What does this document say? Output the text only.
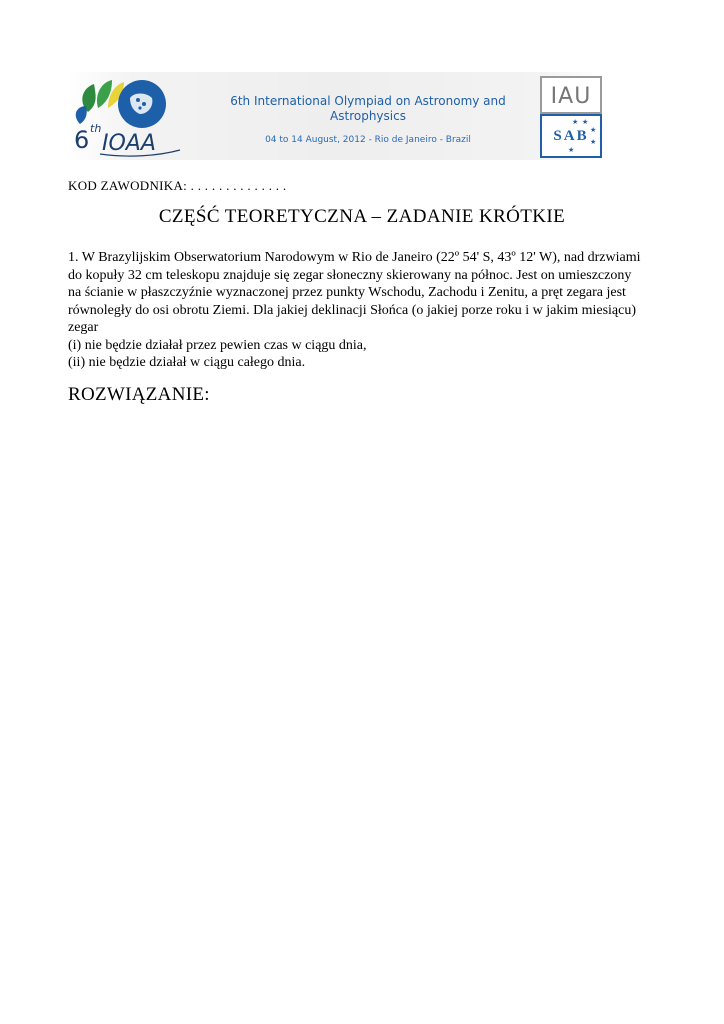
6 th
IOAA
6th International Olympiad on Astronomy and Astrophysics
04 to 14 August, 2012 - Rio de Janeiro - Brazil
IAU
★ ★
★
★
★
SAB
KOD ZAWODNIKA: . . . . . . . . . . . . . .
CZĘŚĆ TEORETYCZNA – ZADANIE KRÓTKIE

1. W Brazylijskim Obserwatorium Narodowym w Rio de Janeiro (22º 54' S, 43º 12' W), nad drzwiami do kopuły 32 cm teleskopu znajduje się zegar słoneczny skierowany na północ. Jest on umieszczony na ścianie w płaszczyźnie wyznaczonej przez punkty Wschodu, Zachodu i Zenitu, a pręt zegara jest równoległy do osi obrotu Ziemi. Dla jakiej deklinacji Słońca (o jakiej porze roku i w jakim miesiącu) zegar

(i) nie będzie działał przez pewien czas w ciągu dnia,

(ii) nie będzie działał w ciągu całego dnia.

ROZWIĄZANIE:
